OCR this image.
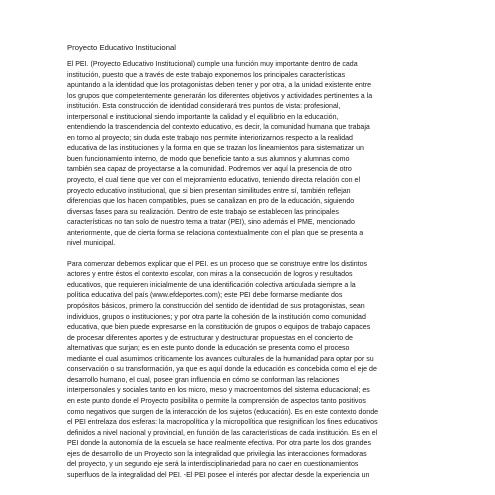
Proyecto Educativo Institucional

El PEI. (Proyecto Educativo Institucional) cumple una función muy importante dentro de cada
institución, puesto que a través de este trabajo exponemos los principales características
apuntando a la identidad que los protagonistas deben tener y por otra, a la unidad existente entre
los grupos que competentemente generarán los diferentes objetivos y actividades pertinentes a la
institución. Esta construcción de identidad considerará tres puntos de vista: profesional,
interpersonal e institucional siendo importante la calidad y el equilibrio en la educación,
entendiendo la trascendencia del contexto educativo, es decir, la comunidad humana que trabaja
en torno al proyecto; sin duda este trabajo nos permite interiorizarnos respecto a la realidad
educativa de las instituciones y la forma en que se trazan los lineamientos para sistematizar un
buen funcionamiento interno, de modo que beneficie tanto a sus alumnos y alumnas como
también sea capaz de proyectarse a la comunidad. Podremos ver aquí la presencia de otro
proyecto, el cual tiene que ver con el mejoramiento educativo, teniendo directa relación con el
proyecto educativo institucional, que si bien presentan similitudes entre sí, también reflejan
diferencias que los hacen compatibles, pues se canalizan en pro de la educación, siguiendo
diversas fases para su realización. Dentro de este trabajo se establecen las principales
características no tan solo de nuestro tema a tratar (PEI), sino además el PME, mencionado
anteriormente, que de cierta forma se relaciona contextualmente con el plan que se presenta a
nivel municipal.

Para comenzar debemos explicar que el PEI. es un proceso que se construye entre los distintos
actores y entre éstos el contexto escolar, con miras a la consecución de logros y resultados
educativos, que requieren inicialmente de una identificación colectiva articulada siempre a la
política educativa del país (www.efdeportes.com); este PEI debe formarse mediante dos
propósitos básicos, primero la construcción del sentido de identidad de sus protagonistas, sean
individuos, grupos o instituciones; y por otra parte la cohesión de la institución como comunidad
educativa, que bien puede expresarse en la constitución de grupos o equipos de trabajo capaces
de procesar diferentes aportes y de estructurar y destructurar propuestas en el concierto de
alternativas que surjan; es en este punto donde la educación se presenta como el proceso
mediante el cual asumimos críticamente los avances culturales de la humanidad para optar por su
conservación o su transformación, ya que es aquí donde la educación es concebida como el eje de
desarrollo humano, el cual, posee gran influencia en cómo se conforman las relaciones
interpersonales y sociales tanto en los micro, meso y macroentornos del sistema educacional; es
en este punto donde el Proyecto posibilita o permite la comprensión de aspectos tanto positivos
como negativos que surgen de la interacción de los sujetos (educación). Es en este contexto donde
el PEI entrelaza dos esferas: la macropolítica y la micropolítica que resignifican los fines educativos
definidos a nivel nacional y provincial, en función de las características de cada institución. Es en el
PEI donde la autonomía de la escuela se hace realmente efectiva. Por otra parte los dos grandes
ejes de desarrollo de un Proyecto son la integralidad que privilegia las interacciones formadoras
del proyecto, y un segundo eje será la interdisciplinariedad para no caer en cuestionamientos
superfluos de la integralidad del PEI. -El PEI posee el interés por afectar desde la experiencia un
